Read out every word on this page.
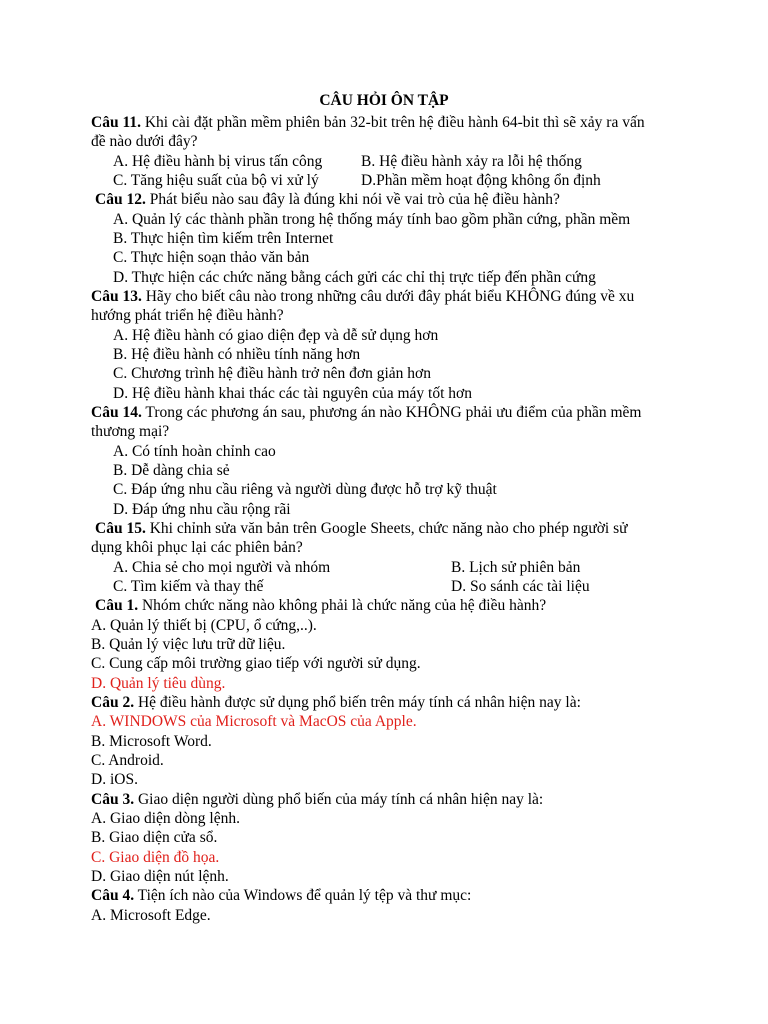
CÂU HỎI ÔN TẬP
Câu 11. Khi cài đặt phần mềm phiên bản 32-bit trên hệ điều hành 64-bit thì sẽ xảy ra vấn
đề nào dưới đây?
A. Hệ điều hành bị virus tấn công	B. Hệ điều hành xảy ra lỗi hệ thống
C. Tăng hiệu suất của bộ vi xử lý	D.Phần mềm hoạt động không ổn định
Câu 12. Phát biểu nào sau đây là đúng khi nói về vai trò của hệ điều hành?
A. Quản lý các thành phần trong hệ thống máy tính bao gồm phần cứng, phần mềm
B. Thực hiện tìm kiếm trên Internet
C. Thực hiện soạn thảo văn bản
D. Thực hiện các chức năng bằng cách gửi các chỉ thị trực tiếp đến phần cứng
Câu 13. Hãy cho biết câu nào trong những câu dưới đây phát biểu KHÔNG đúng về xu
hướng phát triển hệ điều hành?
A. Hệ điều hành có giao diện đẹp và dễ sử dụng hơn
B. Hệ điều hành có nhiều tính năng hơn
C. Chương trình hệ điều hành trở nên đơn giản hơn
D. Hệ điều hành khai thác các tài nguyên của máy tốt hơn
Câu 14. Trong các phương án sau, phương án nào KHÔNG phải ưu điểm của phần mềm
thương mại?
A. Có tính hoàn chỉnh cao
B. Dễ dàng chia sẻ
C. Đáp ứng nhu cầu riêng và người dùng được hỗ trợ kỹ thuật
D. Đáp ứng nhu cầu rộng rãi
Câu 15. Khi chỉnh sửa văn bản trên Google Sheets, chức năng nào cho phép người sử
dụng khôi phục lại các phiên bản?
A. Chia sẻ cho mọi người và nhóm	B. Lịch sử phiên bản
C. Tìm kiếm và thay thế	D. So sánh các tài liệu
Câu 1. Nhóm chức năng nào không phải là chức năng của hệ điều hành?
A. Quản lý thiết bị (CPU, ổ cứng,..).
B. Quản lý việc lưu trữ dữ liệu.
C. Cung cấp môi trường giao tiếp với người sử dụng.
D. Quản lý tiêu dùng.
Câu 2. Hệ điều hành được sử dụng phổ biến trên máy tính cá nhân hiện nay là:
A. WINDOWS của Microsoft và MacOS của Apple.
B. Microsoft Word.
C. Android.
D. iOS.
Câu 3. Giao diện người dùng phổ biến của máy tính cá nhân hiện nay là:
A. Giao diện dòng lệnh.
B. Giao diện cửa sổ.
C. Giao diện đồ họa.
D. Giao diện nút lệnh.
Câu 4. Tiện ích nào của Windows để quản lý tệp và thư mục:
A. Microsoft Edge.
